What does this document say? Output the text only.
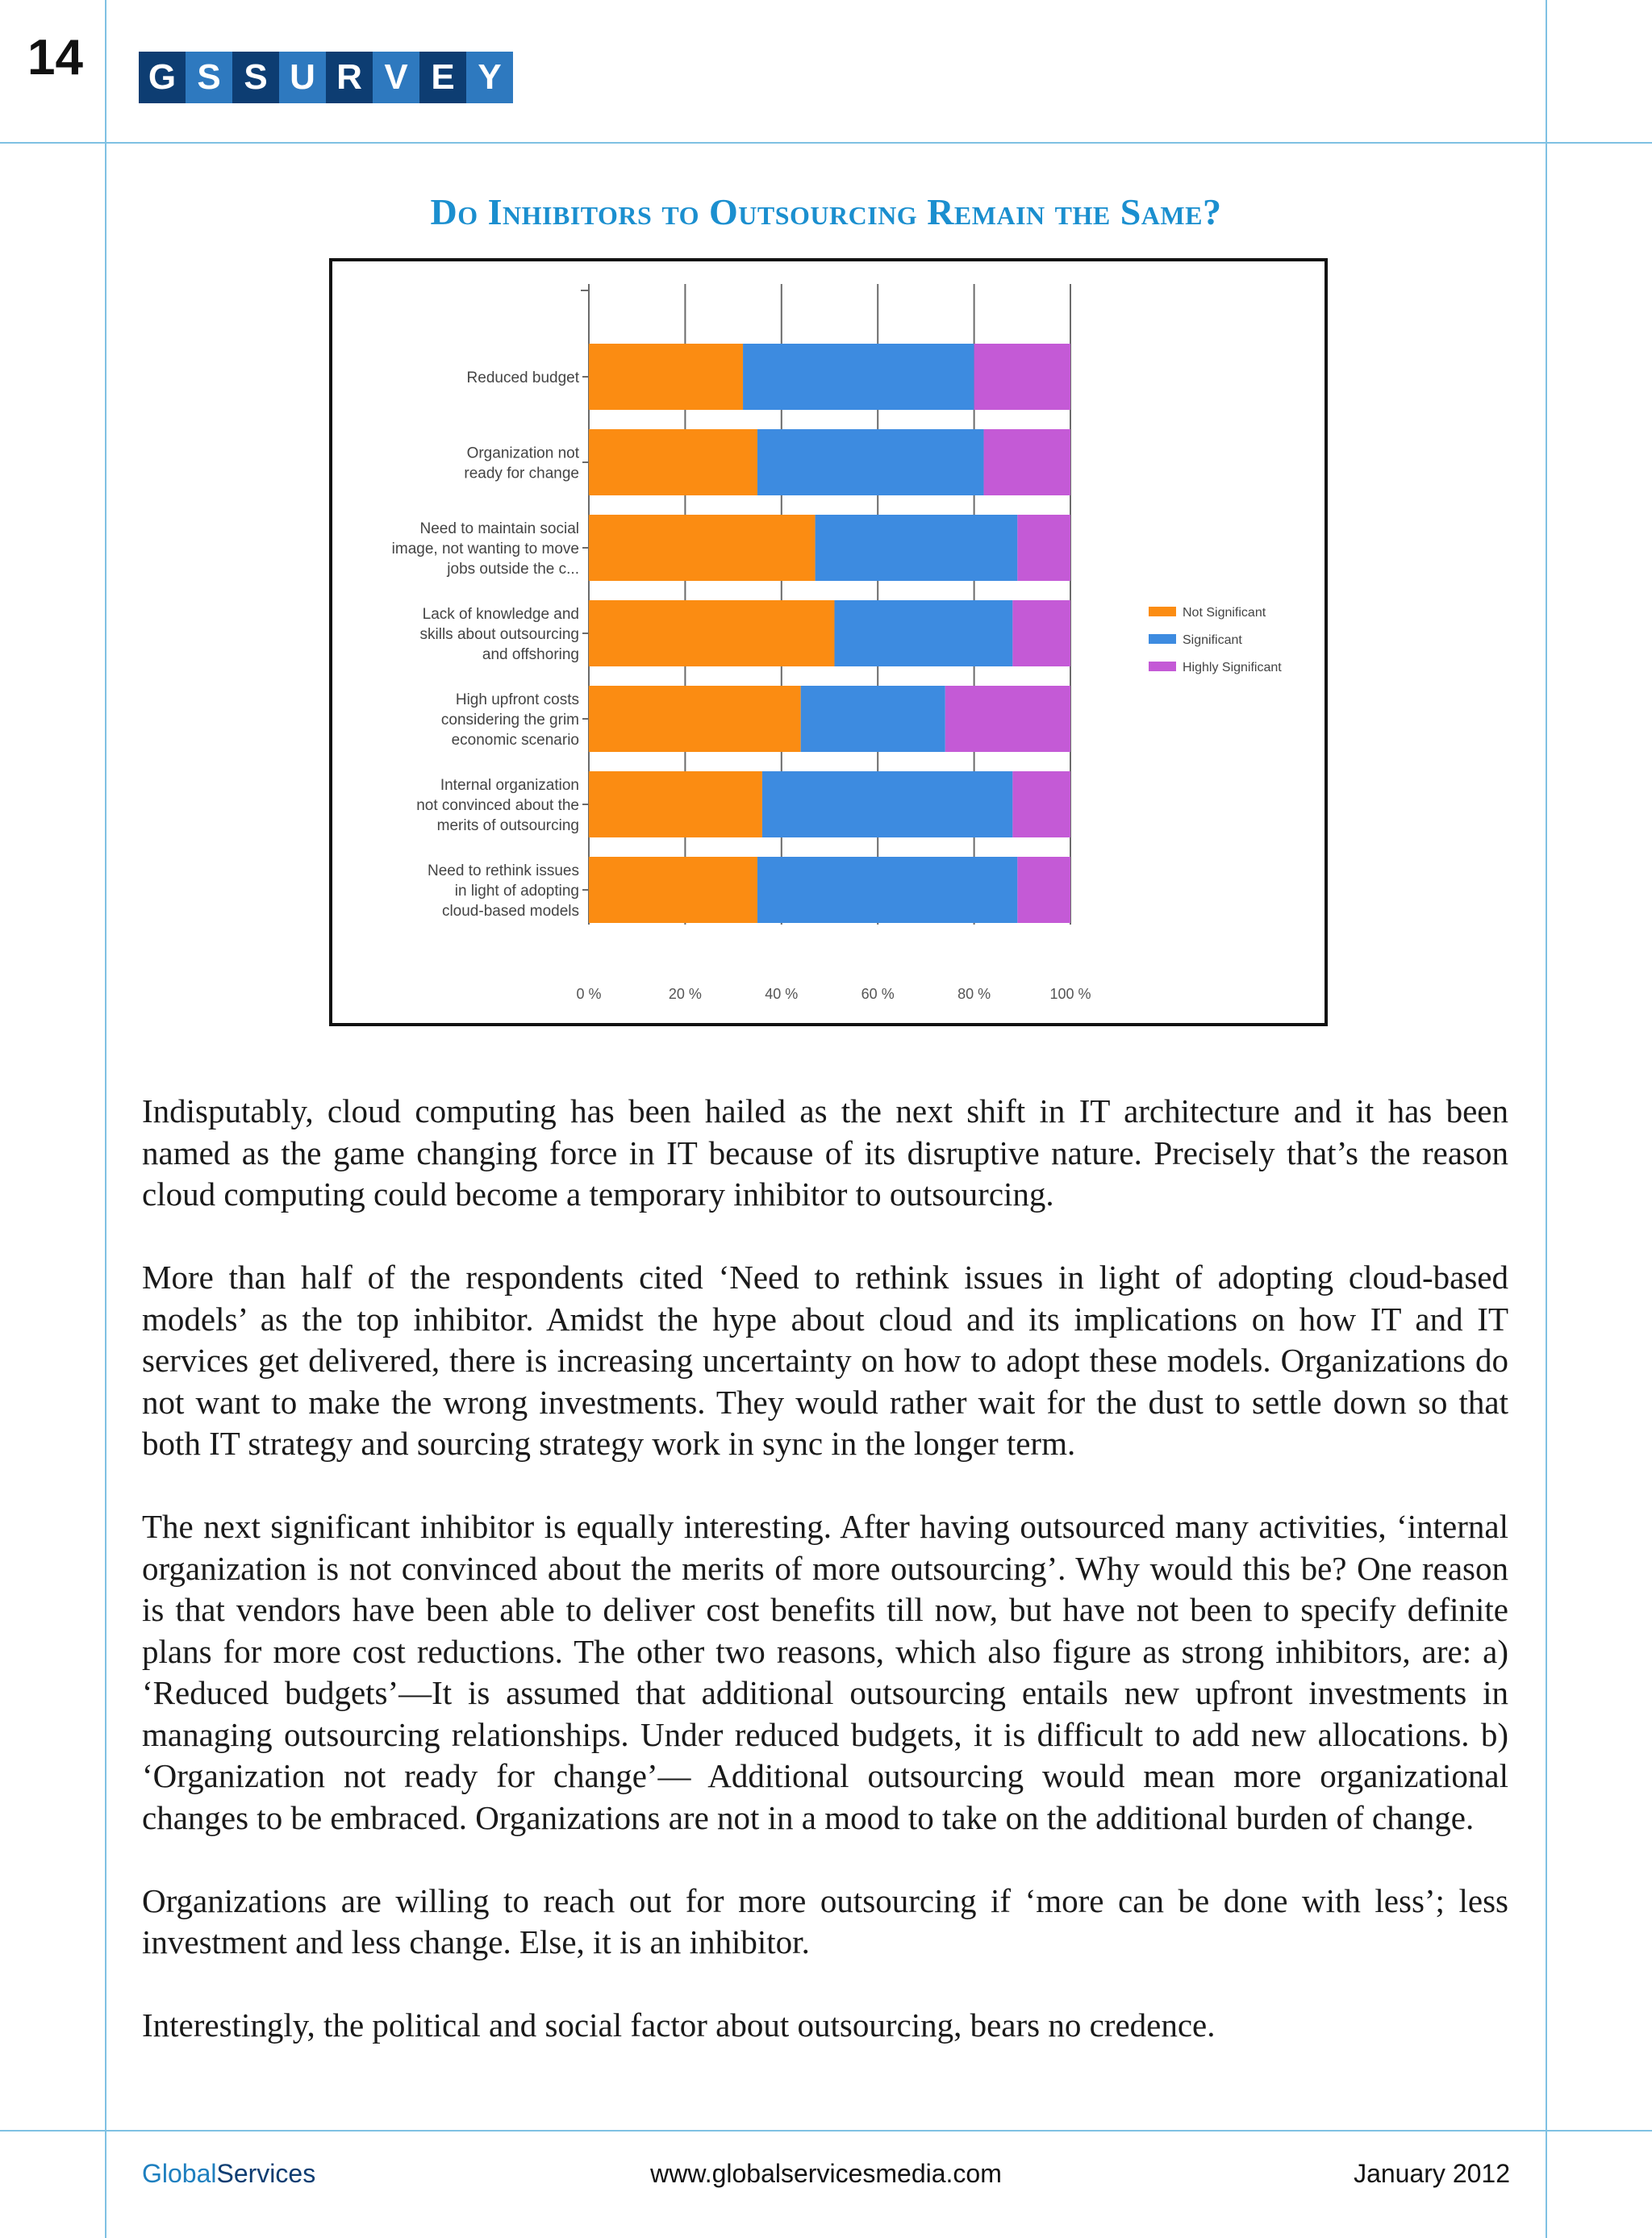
14 G S S U R V E Y
Do Inhibitors to Outsourcing Remain the Same?
Reduced budget
Organization not ready for change
Need to maintain social image, not wanting to move jobs outside the c...
Lack of knowledge and skills about outsourcing and offshoring
High upfront costs considering the grim economic scenario
Internal organization not convinced about the merits of outsourcing
Need to rethink issues in light of adopting cloud-based models
0 %	20 %	40 %	60 %	80 %	100 %
Not Significant
Significant
Highly Significant

Indisputably, cloud computing has been hailed as the next shift in IT architecture and it has been named as the game changing force in IT because of its disruptive nature. Precisely that’s the reason cloud computing could become a temporary inhibitor to outsourcing.

More than half of the respondents cited ‘Need to rethink issues in light of adopting cloud-based models’ as the top inhibitor. Amidst the hype about cloud and its implications on how IT and IT services get delivered, there is increasing uncertainty on how to adopt these models. Organizations do not want to make the wrong investments. They would rather wait for the dust to settle down so that both IT strategy and sourcing strategy work in sync in the longer term.

The next significant inhibitor is equally interesting. After having outsourced many activities, ‘internal organization is not convinced about the merits of more outsourcing’. Why would this be? One reason is that vendors have been able to deliver cost benefits till now, but have not been to specify definite plans for more cost reductions. The other two reasons, which also figure as strong inhibitors, are: a) ‘Reduced budgets’—It is assumed that additional outsourcing entails new upfront investments in managing outsourcing relationships. Under reduced budgets, it is difficult to add new allocations. b) ‘Organization not ready for change’— Additional outsourcing would mean more organizational changes to be embraced. Organizations are not in a mood to take on the additional burden of change.

Organizations are willing to reach out for more outsourcing if ‘more can be done with less’; less investment and less change. Else, it is an inhibitor.

Interestingly, the political and social factor about outsourcing, bears no credence.

GlobalServices	www.globalservicesmedia.com	January 2012
